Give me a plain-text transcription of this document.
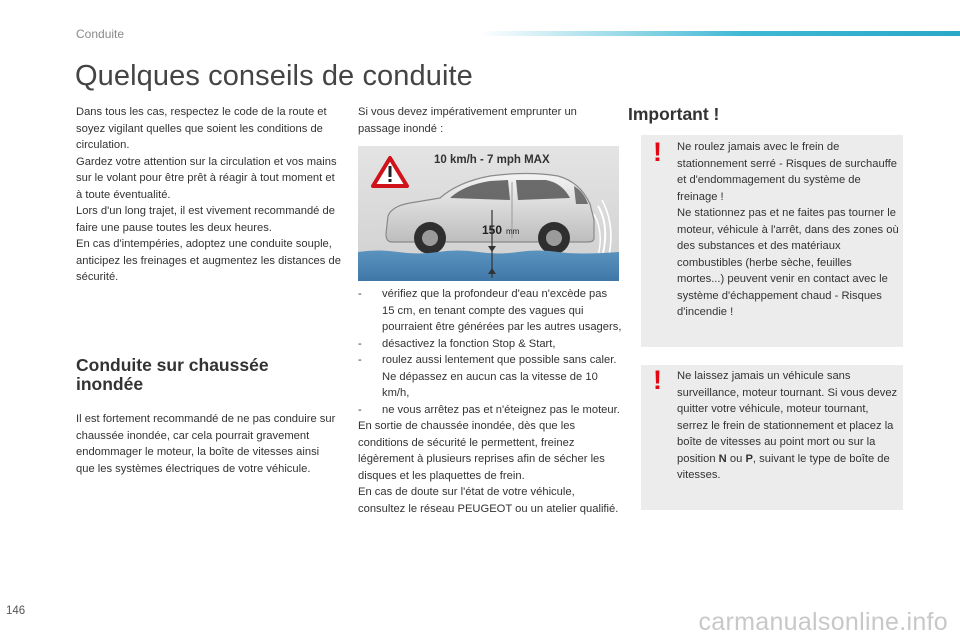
Conduite
Quelques conseils de conduite

Dans tous les cas, respectez le code de la route et soyez vigilant quelles que soient les conditions de circulation.

Gardez votre attention sur la circulation et vos mains sur le volant pour être prêt à réagir à tout moment et à toute éventualité.

Lors d'un long trajet, il est vivement recommandé de faire une pause toutes les deux heures.

En cas d'intempéries, adoptez une conduite souple, anticipez les freinages et augmentez les distances de sécurité.

Conduite sur chaussée
inondée

Il est fortement recommandé de ne pas conduire sur chaussée inondée, car cela pourrait gravement endommager le moteur, la boîte de vitesses ainsi que les systèmes électriques de votre véhicule.

Si vous devez impérativement emprunter un passage inondé :

10 km/h - 7 mph MAX
150 mm
-	vérifiez que la profondeur d'eau n'excède pas 15 cm, en tenant compte des vagues qui pourraient être générées par les autres usagers,
-	désactivez la fonction Stop & Start,
-	roulez aussi lentement que possible sans caler. Ne dépassez en aucun cas la vitesse de 10 km/h,
-	ne vous arrêtez pas et n'éteignez pas le moteur.

En sortie de chaussée inondée, dès que les conditions de sécurité le permettent, freinez légèrement à plusieurs reprises afin de sécher les disques et les plaquettes de frein.

En cas de doute sur l'état de votre véhicule, consultez le réseau PEUGEOT ou un atelier qualifié.

Important !
! Ne roulez jamais avec le frein de stationnement serré - Risques de surchauffe et d'endommagement du système de freinage !
Ne stationnez pas et ne faites pas tourner le moteur, véhicule à l'arrêt, dans des zones où des substances et des matériaux combustibles (herbe sèche, feuilles mortes...) peuvent venir en contact avec le système d'échappement chaud - Risques d'incendie !
! Ne laissez jamais un véhicule sans surveillance, moteur tournant. Si vous devez quitter votre véhicule, moteur tournant, serrez le frein de stationnement et placez la boîte de vitesses au point mort ou sur la position N ou P, suivant le type de boîte de vitesses.
146	carmanualsonline.info
